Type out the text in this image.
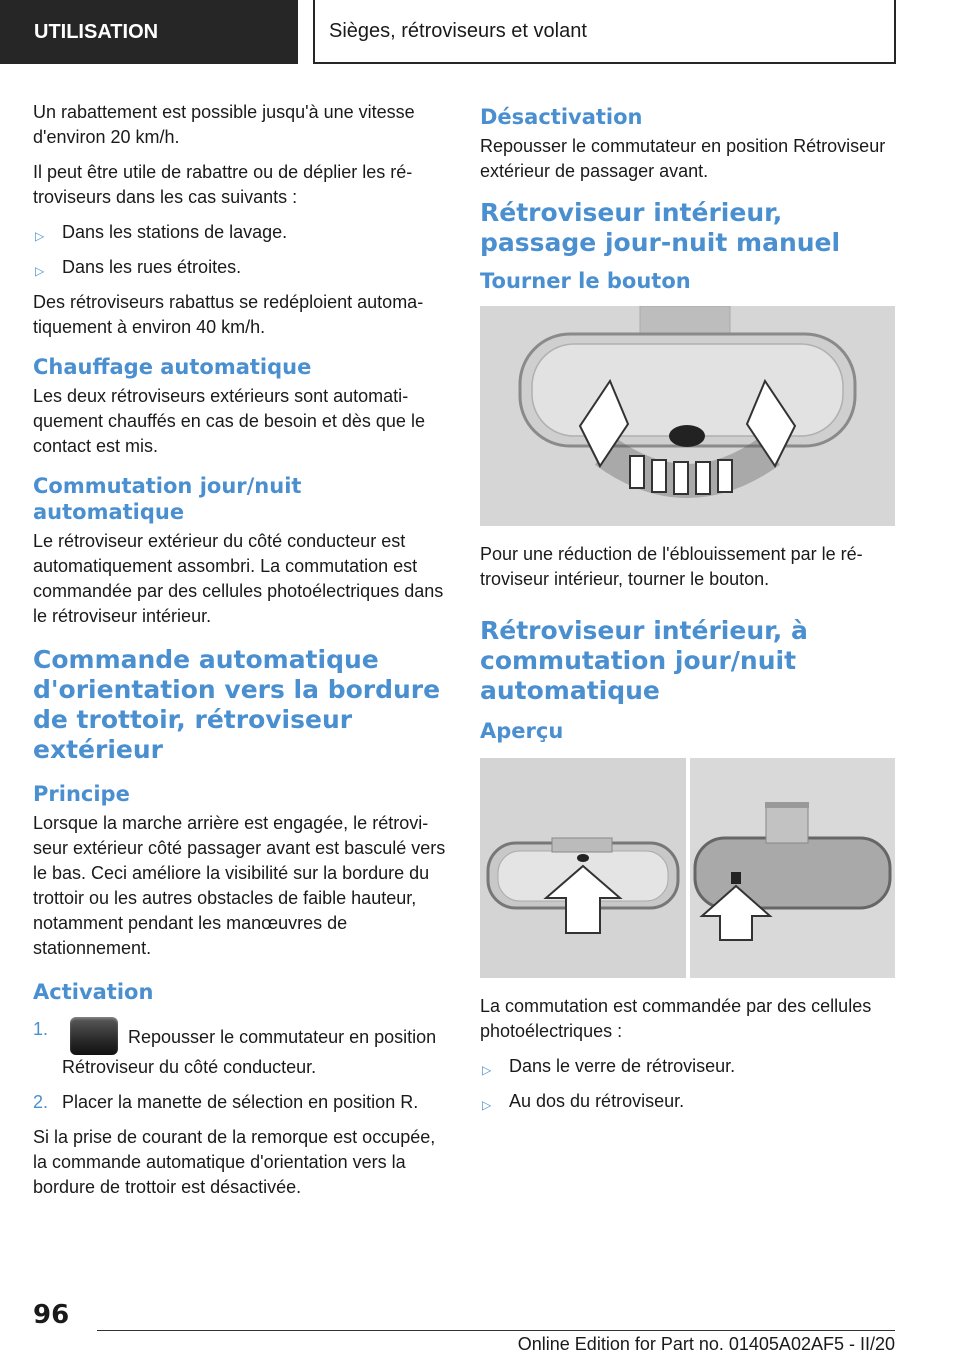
UTILISATION	Sièges, rétroviseurs et volant

Un rabattement est possible jusqu'à une vitesse d'environ 20 km/h.

Il peut être utile de rabattre ou de déplier les rétroviseurs dans les cas suivants :

▷ Dans les stations de lavage.
▷ Dans les rues étroites.

Des rétroviseurs rabattus se redéploient automatiquement à environ 40 km/h.

Chauffage automatique

Les deux rétroviseurs extérieurs sont automatiquement chauffés en cas de besoin et dès que le contact est mis.

Commutation jour/nuit automatique

Le rétroviseur extérieur du côté conducteur est automatiquement assombri. La commutation est commandée par des cellules photoélectriques dans le rétroviseur intérieur.

Commande automatique d'orientation vers la bordure de trottoir, rétroviseur extérieur
Principe

Lorsque la marche arrière est engagée, le rétroviseur extérieur côté passager avant est basculé vers le bas. Ceci améliore la visibilité sur la bordure du trottoir ou les autres obstacles de faible hauteur, notamment pendant les manœuvres de stationnement.

Activation
1.	Repousser le commutateur en position Rétroviseur du côté conducteur.
2. Placer la manette de sélection en position R.

Si la prise de courant de la remorque est occupée, la commande automatique d'orientation vers la bordure de trottoir est désactivée.

Désactivation

Repousser le commutateur en position Rétroviseur extérieur de passager avant.

Rétroviseur intérieur, passage jour-nuit manuel
Tourner le bouton

Pour une réduction de l'éblouissement par le rétroviseur intérieur, tourner le bouton.

Rétroviseur intérieur, à commutation jour/nuit automatique
Aperçu

La commutation est commandée par des cellules photoélectriques :

▷ Dans le verre de rétroviseur.
▷ Au dos du rétroviseur.
96
Online Edition for Part no. 01405A02AF5 - II/20
